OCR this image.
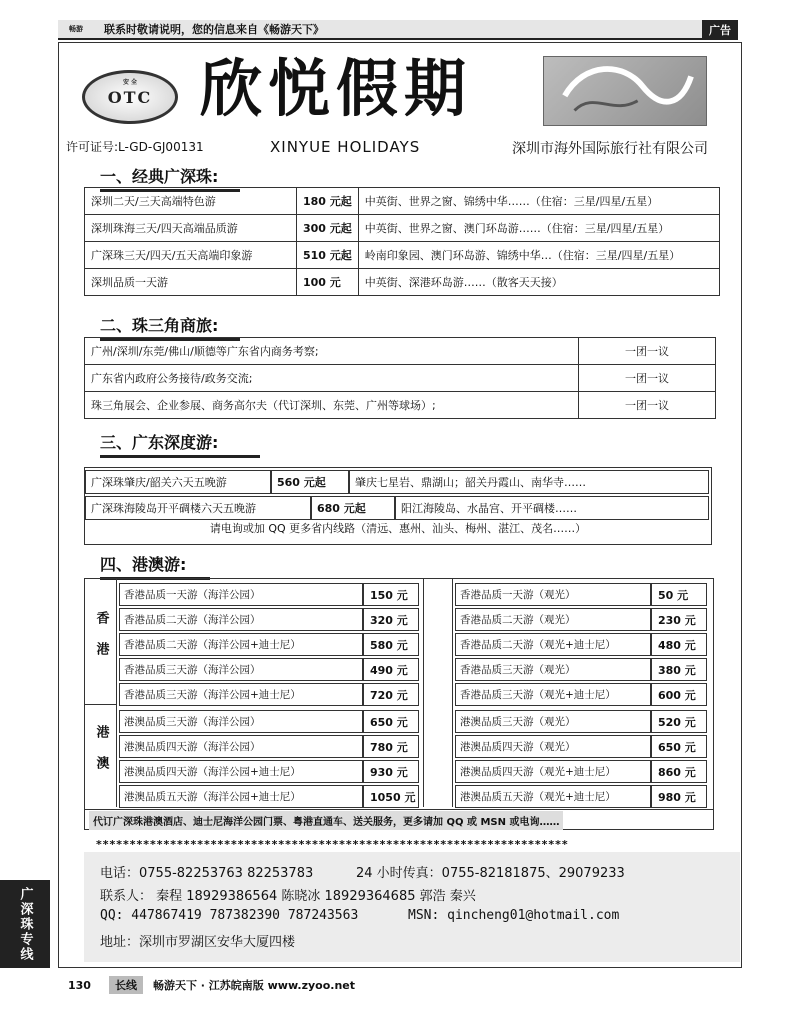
畅游	联系时敬请说明，您的信息来自《畅游天下》	广告
安 全
OTC 欣悦假期
XINYUE HOLIDAYS
许可证号:L-GD-GJ00131	深圳市海外国际旅行社有限公司
一、经典广深珠:
深圳二天/三天高端特色游	180 元起	中英街、世界之窗、锦绣中华……（住宿：三星/四星/五星）
深圳珠海三天/四天高端品质游	300 元起	中英街、世界之窗、澳门环岛游……（住宿：三星/四星/五星）
广深珠三天/四天/五天高端印象游	510 元起	岭南印象园、澳门环岛游、锦绣中华…（住宿：三星/四星/五星）
深圳品质一天游	100 元	中英街、深港环岛游……（散客天天接）
二、珠三角商旅:
广州/深圳/东莞/佛山/顺德等广东省内商务考察;	一团一议
广东省内政府公务接待/政务交流;	一团一议
珠三角展会、企业参展、商务高尔夫（代订深圳、东莞、广州等球场）;	一团一议
三、广东深度游:
广深珠肇庆/韶关六天五晚游	560 元起	肇庆七星岩、鼎湖山；韶关丹霞山、南华寺……
广深珠海陵岛开平碉楼六天五晚游	680 元起	阳江海陵岛、水晶宫、开平碉楼……
请电询或加 QQ 更多省内线路（清远、惠州、汕头、梅州、湛江、茂名……）
四、港澳游:
香港
港澳
代订广深珠港澳酒店、迪士尼海洋公园门票、粤港直通车、送关服务，更多请加 QQ 或 MSN 或电询……
香港品质一天游（海洋公园）	150 元
香港品质二天游（海洋公园）	320 元
香港品质二天游（海洋公园+迪士尼）	580 元
香港品质三天游（海洋公园）	490 元
香港品质三天游（海洋公园+迪士尼）	720 元
港澳品质三天游（海洋公园）	650 元
港澳品质四天游（海洋公园）	780 元
港澳品质四天游（海洋公园+迪士尼）	930 元
港澳品质五天游（海洋公园+迪士尼）	1050 元
香港品质一天游（观光）	50 元
香港品质二天游（观光）	230 元
香港品质二天游（观光+迪士尼）	480 元
香港品质三天游（观光）	380 元
香港品质三天游（观光+迪士尼）	600 元
港澳品质三天游（观光）	520 元
港澳品质四天游（观光）	650 元
港澳品质四天游（观光+迪士尼）	860 元
港澳品质五天游（观光+迪士尼）	980 元
**********************************************************************
电话：0755-82253763 82253783	24 小时传真：0755-82181875、29079233
联系人： 秦程 18929386564 陈晓冰 18929364685 郭浩 秦兴
QQ: 447867419 787382390 787243563	MSN: qincheng01@hotmail.com
地址：深圳市罗湖区安华大厦四楼
广深珠专线
130	长线	畅游天下 · 江苏皖南版 www.zyoo.net
